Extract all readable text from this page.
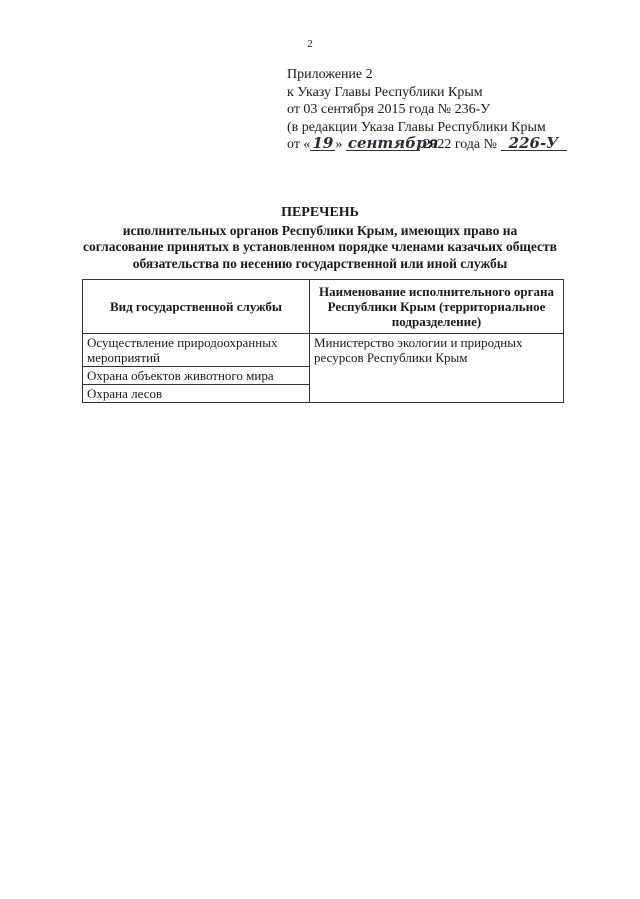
2
Приложение 2
к Указу Главы Республики Крым
от 03 сентября 2015 года № 236-У
(в редакции Указа Главы Республики Крым
от « 19 » сентября 2022 года № 226-У
ПЕРЕЧЕНЬ
исполнительных органов Республики Крым, имеющих право на
согласование принятых в установленном порядке членами казачьих обществ
обязательства по несению государственной или иной службы
Вид государственной службы	Наименование исполнительного органа Республики Крым (территориальное подразделение)
Осуществление природоохранных мероприятий	Министерство экологии и природных ресурсов Республики Крым
Охрана объектов животного мира	
Охрана лесов	
